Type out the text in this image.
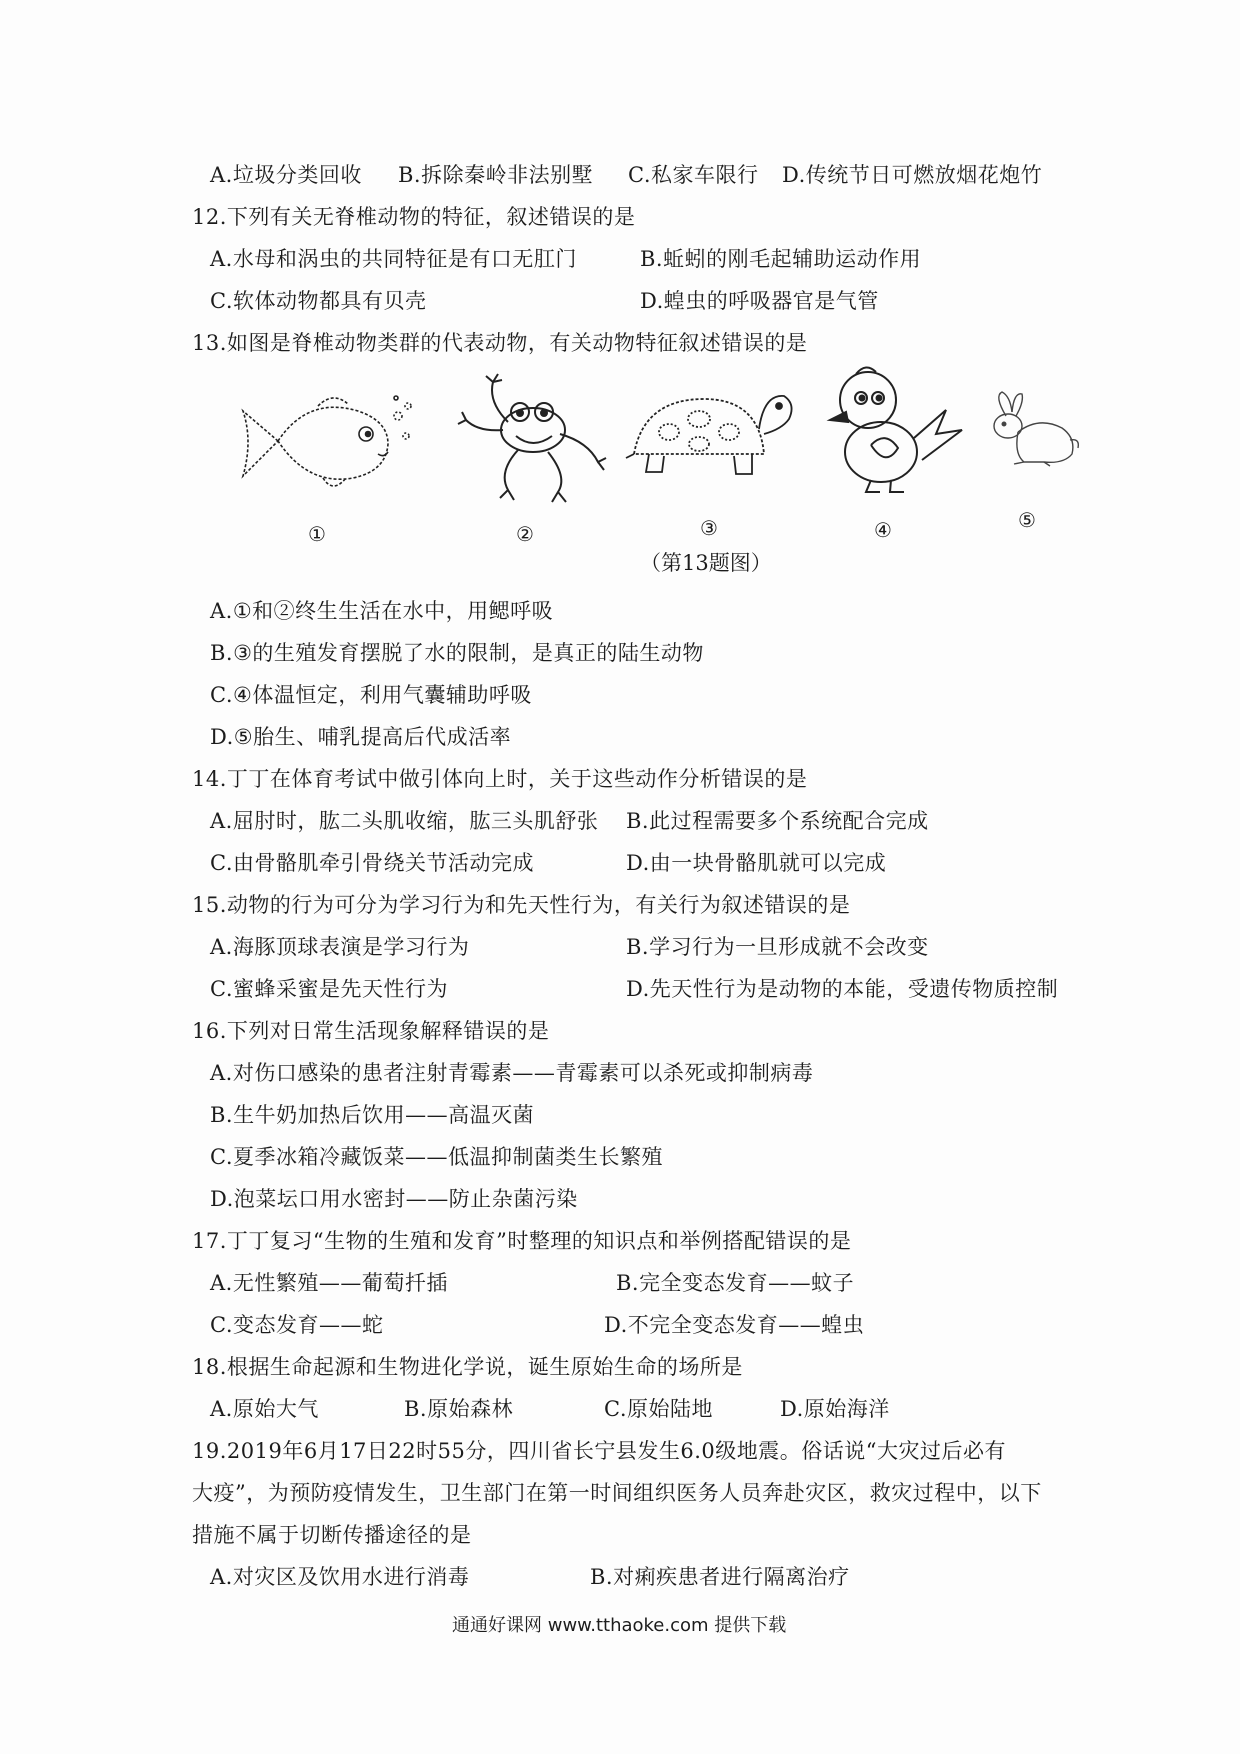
A.垃圾分类回收 B.拆除秦岭非法别墅 C.私家车限行 D.传统节日可燃放烟花炮竹
12.下列有关无脊椎动物的特征，叙述错误的是
A.水母和涡虫的共同特征是有口无肛门	B.蚯蚓的刚毛起辅助运动作用
C.软体动物都具有贝壳	D.蝗虫的呼吸器官是气管
13.如图是脊椎动物类群的代表动物，有关动物特征叙述错误的是
①	②	③	④	⑤
（第13题图）
A.①和②终生生活在水中，用鳃呼吸
B.③的生殖发育摆脱了水的限制，是真正的陆生动物
C.④体温恒定，利用气囊辅助呼吸
D.⑤胎生、哺乳提高后代成活率
14.丁丁在体育考试中做引体向上时，关于这些动作分析错误的是
A.屈肘时，肱二头肌收缩，肱三头肌舒张 B.此过程需要多个系统配合完成
C.由骨骼肌牵引骨绕关节活动完成	D.由一块骨骼肌就可以完成
15.动物的行为可分为学习行为和先天性行为，有关行为叙述错误的是
A.海豚顶球表演是学习行为	B.学习行为一旦形成就不会改变
C.蜜蜂采蜜是先天性行为	D.先天性行为是动物的本能，受遗传物质控制
16.下列对日常生活现象解释错误的是
A.对伤口感染的患者注射青霉素——青霉素可以杀死或抑制病毒
B.生牛奶加热后饮用——高温灭菌
C.夏季冰箱冷藏饭菜——低温抑制菌类生长繁殖
D.泡菜坛口用水密封——防止杂菌污染
17.丁丁复习“生物的生殖和发育”时整理的知识点和举例搭配错误的是
A.无性繁殖——葡萄扦插	B.完全变态发育——蚊子
C.变态发育——蛇	D.不完全变态发育——蝗虫
18.根据生命起源和生物进化学说，诞生原始生命的场所是
A.原始大气	B.原始森林	C.原始陆地	D.原始海洋
19.2019年6月17日22时55分，四川省长宁县发生6.0级地震。俗话说“大灾过后必有
大疫”，为预防疫情发生，卫生部门在第一时间组织医务人员奔赴灾区，救灾过程中，以下
措施不属于切断传播途径的是
A.对灾区及饮用水进行消毒	B.对痢疾患者进行隔离治疗
通通好课网 www.tthaoke.com 提供下载
